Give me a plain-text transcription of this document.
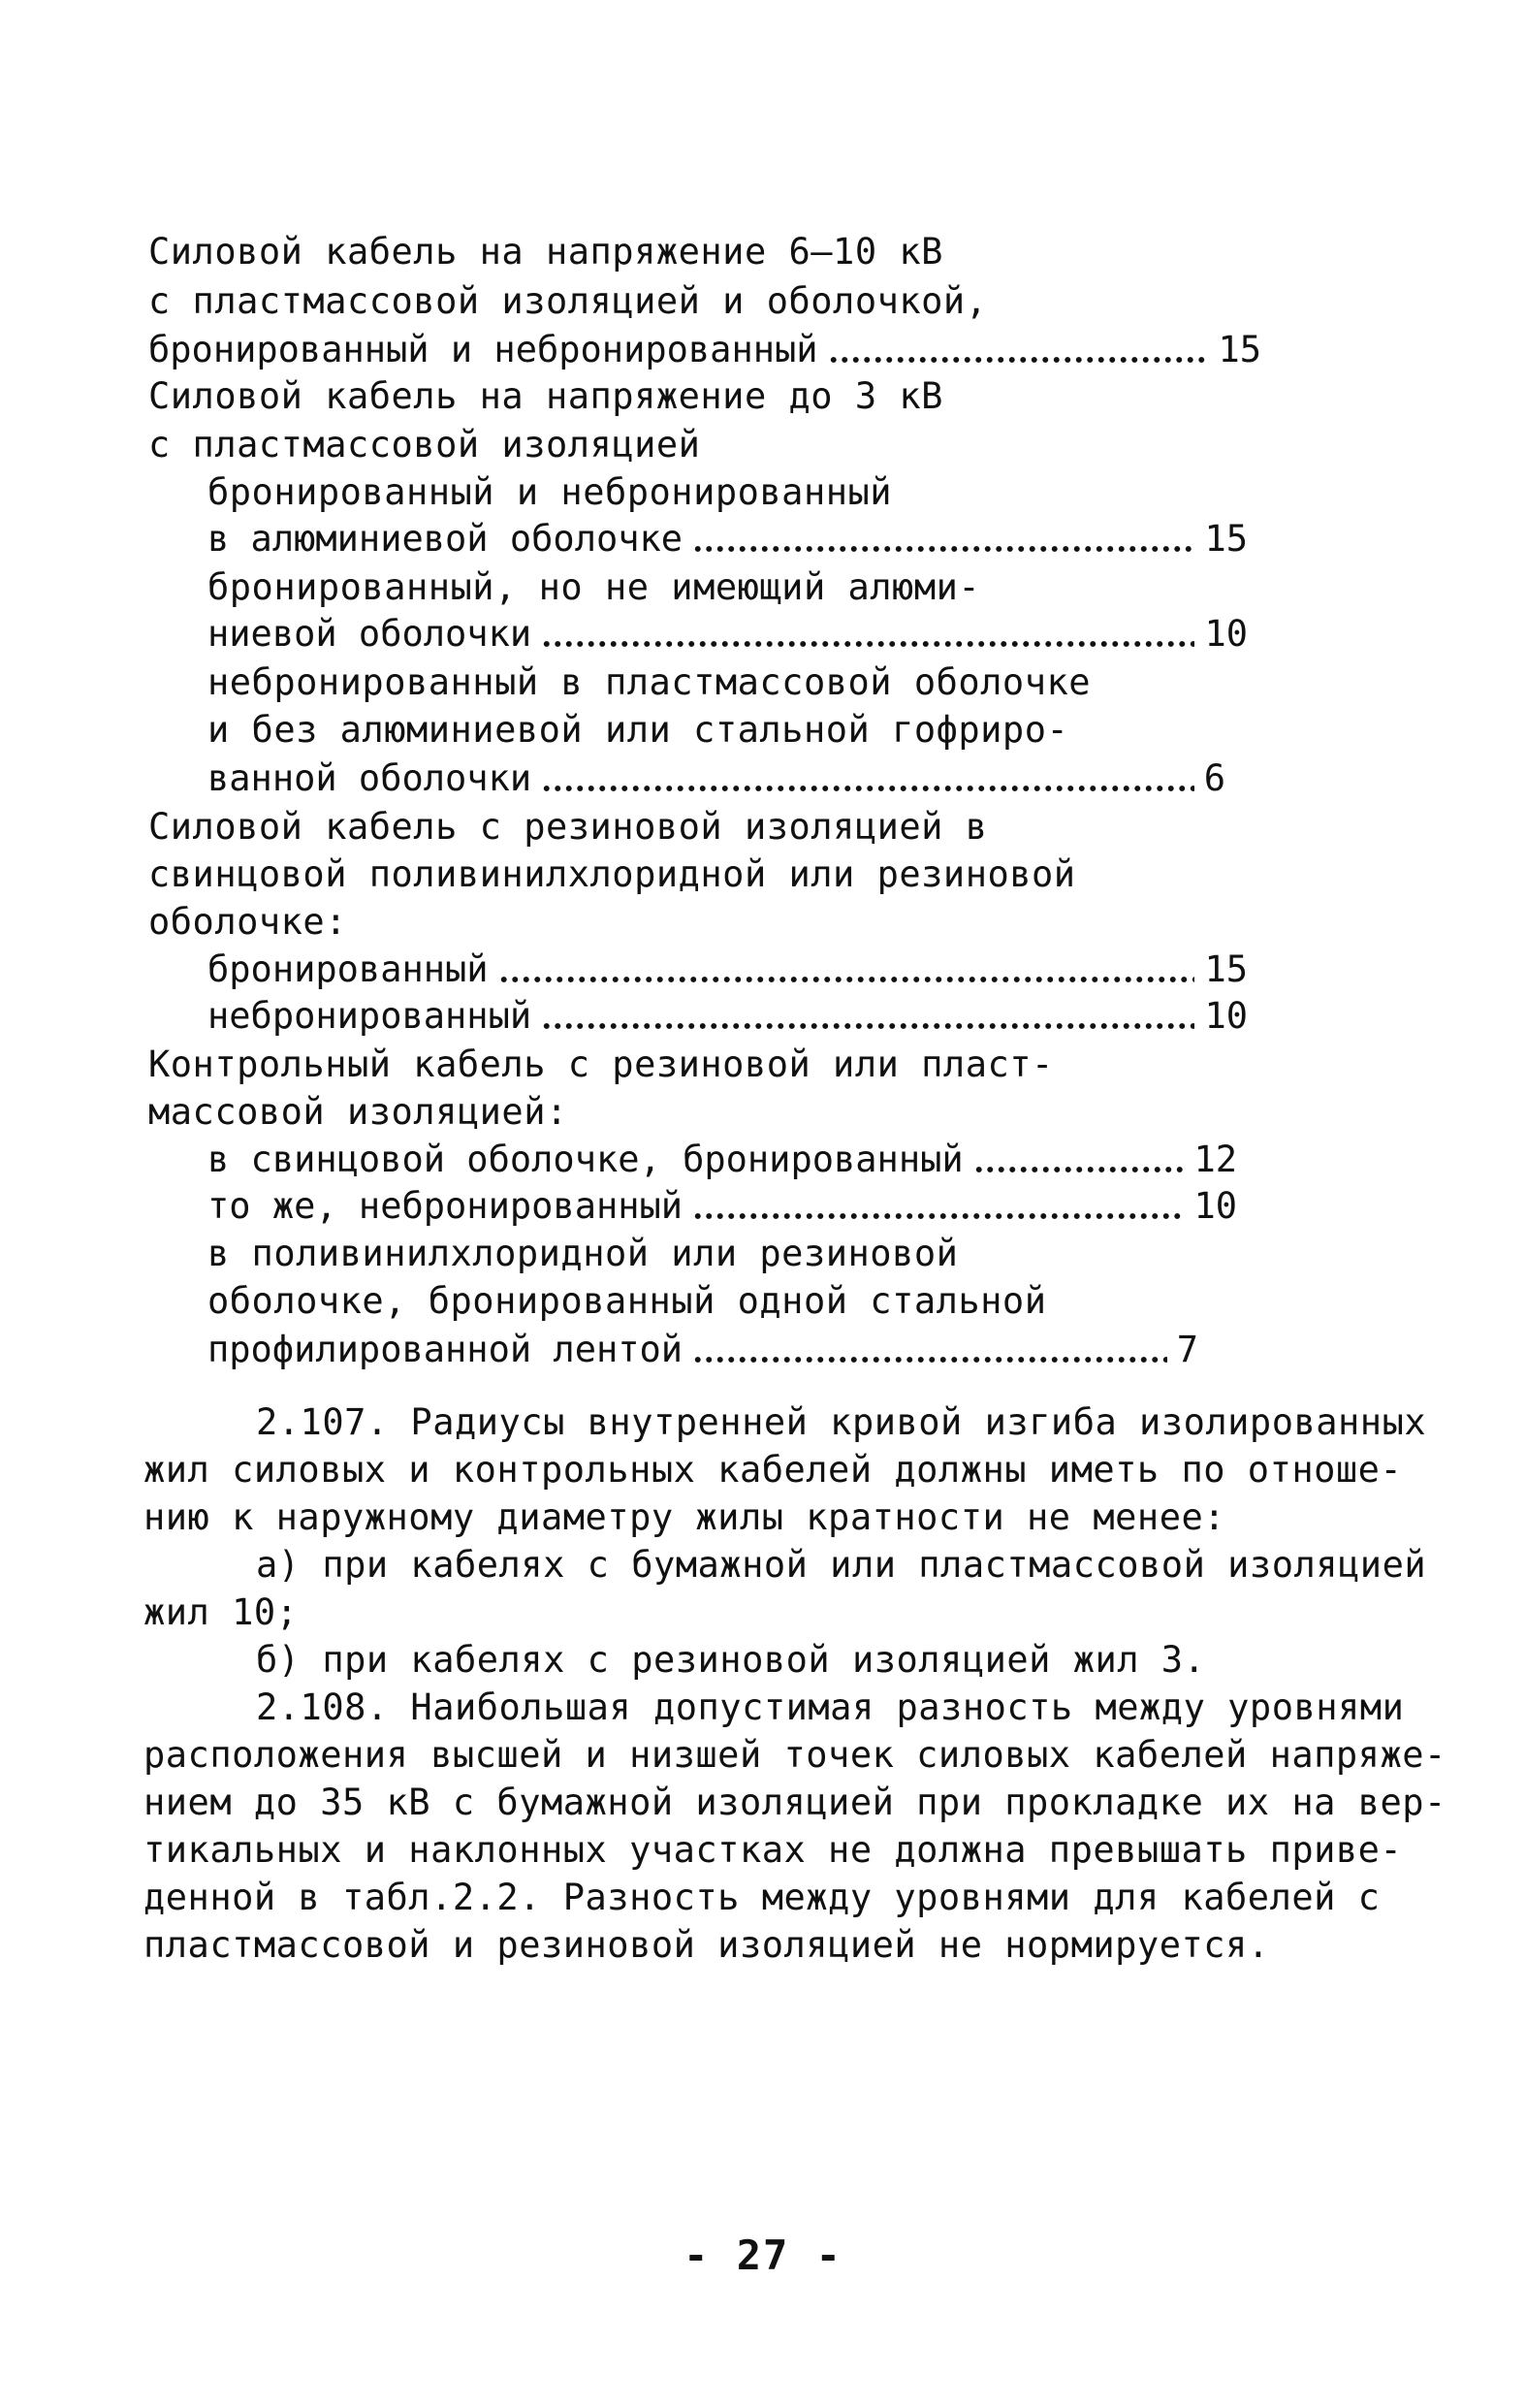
Силовой кабель на напряжение 6–10 кВ
с пластмассовой изоляцией и оболочкой,
бронированный и небронированный	15
Силовой кабель на напряжение до 3 кВ
с пластмассовой изоляцией
бронированный и небронированный
в алюминиевой оболочке	15
бронированный, но не имеющий алюми-
ниевой оболочки	10
небронированный в пластмассовой оболочке
и без алюминиевой или стальной гофриро-
ванной оболочки	6
Силовой кабель с резиновой изоляцией в
свинцовой поливинилхлоридной или резиновой
оболочке:
бронированный	15
небронированный	10
Контрольный кабель с резиновой или пласт-
массовой изоляцией:
в свинцовой оболочке, бронированный	12
то же, небронированный	10
в поливинилхлоридной или резиновой
оболочке, бронированный одной стальной
профилированной лентой	7
2.107. Радиусы внутренней кривой изгиба изолированных
жил силовых и контрольных кабелей должны иметь по отноше-
нию к наружному диаметру жилы кратности не менее:
а) при кабелях с бумажной или пластмассовой изоляцией
жил 10;
б) при кабелях с резиновой изоляцией жил 3.
2.108. Наибольшая допустимая разность между уровнями
расположения высшей и низшей точек силовых кабелей напряже-
нием до 35 кВ с бумажной изоляцией при прокладке их на вер-
тикальных и наклонных участках не должна превышать приве-
денной в табл.2.2. Разность между уровнями для кабелей с
пластмассовой и резиновой изоляцией не нормируется.
- 27 -
